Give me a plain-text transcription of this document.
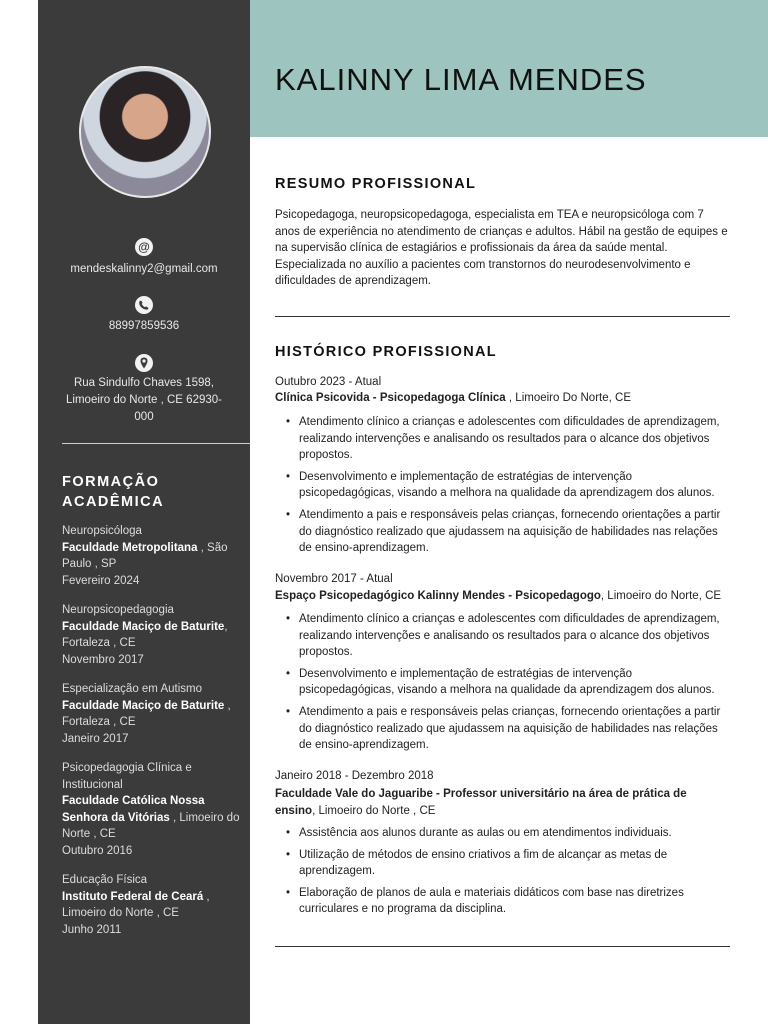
@
mendeskalinny2@gmail.com
88997859536
Rua Sindulfo Chaves 1598,
Limoeiro do Norte , CE 62930-
000
FORMAÇÃO
ACADÊMICA
Neuropsicóloga
Faculdade Metropolitana , São Paulo , SP
Fevereiro 2024
Neuropsicopedagogia
Faculdade Maciço de Baturite, Fortaleza , CE
Novembro 2017
Especialização em Autismo
Faculdade Maciço de Baturite , Fortaleza , CE
Janeiro 2017
Psicopedagogia Clínica e Institucional
Faculdade Católica Nossa Senhora da Vitórias , Limoeiro do Norte , CE
Outubro 2016
Educação Física
Instituto Federal de Ceará , Limoeiro do Norte , CE
Junho 2011
KALINNY LIMA MENDES
RESUMO PROFISSIONAL
Psicopedagoga, neuropsicopedagoga, especialista em TEA e neuropsicóloga com 7 anos de experiência no atendimento de crianças e adultos. Hábil na gestão de equipes e na supervisão clínica de estagiários e profissionais da área da saúde mental. Especializada no auxílio a pacientes com transtornos do neurodesenvolvimento e dificuldades de aprendizagem.
HISTÓRICO PROFISSIONAL
Outubro 2023 - Atual
Clínica Psicovida - Psicopedagoga Clínica , Limoeiro Do Norte, CE
• Atendimento clínico a crianças e adolescentes com dificuldades de aprendizagem, realizando intervenções e analisando os resultados para o alcance dos objetivos propostos.
• Desenvolvimento e implementação de estratégias de intervenção psicopedagógicas, visando a melhora na qualidade da aprendizagem dos alunos.
• Atendimento a pais e responsáveis pelas crianças, fornecendo orientações a partir do diagnóstico realizado que ajudassem na aquisição de habilidades nas relações de ensino-aprendizagem.
Novembro 2017 - Atual
Espaço Psicopedagógico Kalinny Mendes - Psicopedagogo, Limoeiro do Norte, CE
• Atendimento clínico a crianças e adolescentes com dificuldades de aprendizagem, realizando intervenções e analisando os resultados para o alcance dos objetivos propostos.
• Desenvolvimento e implementação de estratégias de intervenção psicopedagógicas, visando a melhora na qualidade da aprendizagem dos alunos.
• Atendimento a pais e responsáveis pelas crianças, fornecendo orientações a partir do diagnóstico realizado que ajudassem na aquisição de habilidades nas relações de ensino-aprendizagem.
Janeiro 2018 - Dezembro 2018
Faculdade Vale do Jaguaribe - Professor universitário na área de prática de ensino, Limoeiro do Norte , CE
• Assistência aos alunos durante as aulas ou em atendimentos individuais.
• Utilização de métodos de ensino criativos a fim de alcançar as metas de aprendizagem.
• Elaboração de planos de aula e materiais didáticos com base nas diretrizes curriculares e no programa da disciplina.
